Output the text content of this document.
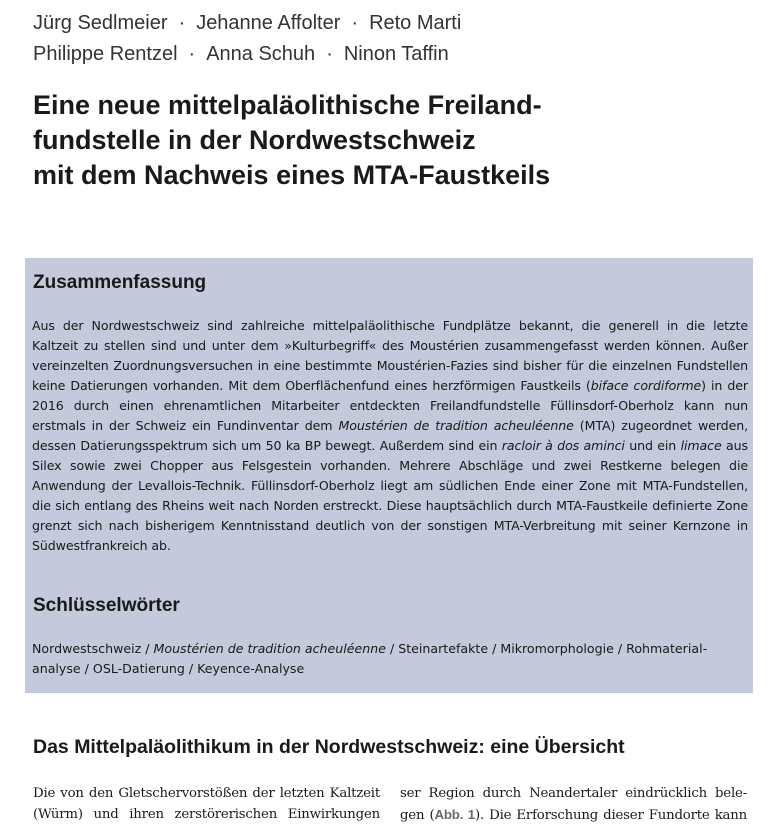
Jürg Sedlmeier · Jehanne Affolter · Reto Marti
Philippe Rentzel · Anna Schuh · Ninon Taffin
Eine neue mittelpaläolithische Freiland-
fundstelle in der Nordwestschweiz
mit dem Nachweis eines MTA-Faustkeils
Zusammenfassung

Aus der Nordwestschweiz sind zahlreiche mittelpaläolithische Fundplätze bekannt, die generell in die letzte Kaltzeit zu stellen sind und unter dem »Kulturbegriff« des Moustérien zusammengefasst werden können. Außer vereinzelten Zuordnungsversuchen in eine bestimmte Moustérien-Fazies sind bisher für die einzelnen Fundstellen keine Datierungen vorhanden. Mit dem Oberflächenfund eines herzförmigen Faustkeils (biface cordiforme) in der 2016 durch einen ehrenamtlichen Mitarbeiter entdeckten Freilandfundstelle Füllinsdorf-Oberholz kann nun erstmals in der Schweiz ein Fundinventar dem Moustérien de tradition acheuléenne (MTA) zugeordnet werden, dessen Datierungsspektrum sich um 50 ka BP bewegt. Außerdem sind ein racloir à dos aminci und ein limace aus Silex sowie zwei Chopper aus Felsgestein vorhanden. Mehrere Abschläge und zwei Restkerne belegen die Anwendung der Levallois-Technik. Füllinsdorf-Oberholz liegt am südlichen Ende einer Zone mit MTA-Fundstellen, die sich entlang des Rheins weit nach Norden erstreckt. Diese hauptsächlich durch MTA-Faustkeile definierte Zone grenzt sich nach bisherigem Kenntnisstand deutlich von der sonstigen MTA-Verbreitung mit seiner Kernzone in Südwestfrankreich ab.

Schlüsselwörter

Nordwestschweiz / Moustérien de tradition acheuléenne / Steinartefakte / Mikromorphologie / Rohmaterial-analyse / OSL-Datierung / Keyence-Analyse

Das Mittelpaläolithikum in der Nordwestschweiz: eine Übersicht

Die von den Gletschervorstößen der letzten Kaltzeit (Würm) und ihren zerstörerischen Einwirkungen

ser Region durch Neandertaler eindrücklich bele-gen (Abb. 1). Die Erforschung dieser Fundorte kann
